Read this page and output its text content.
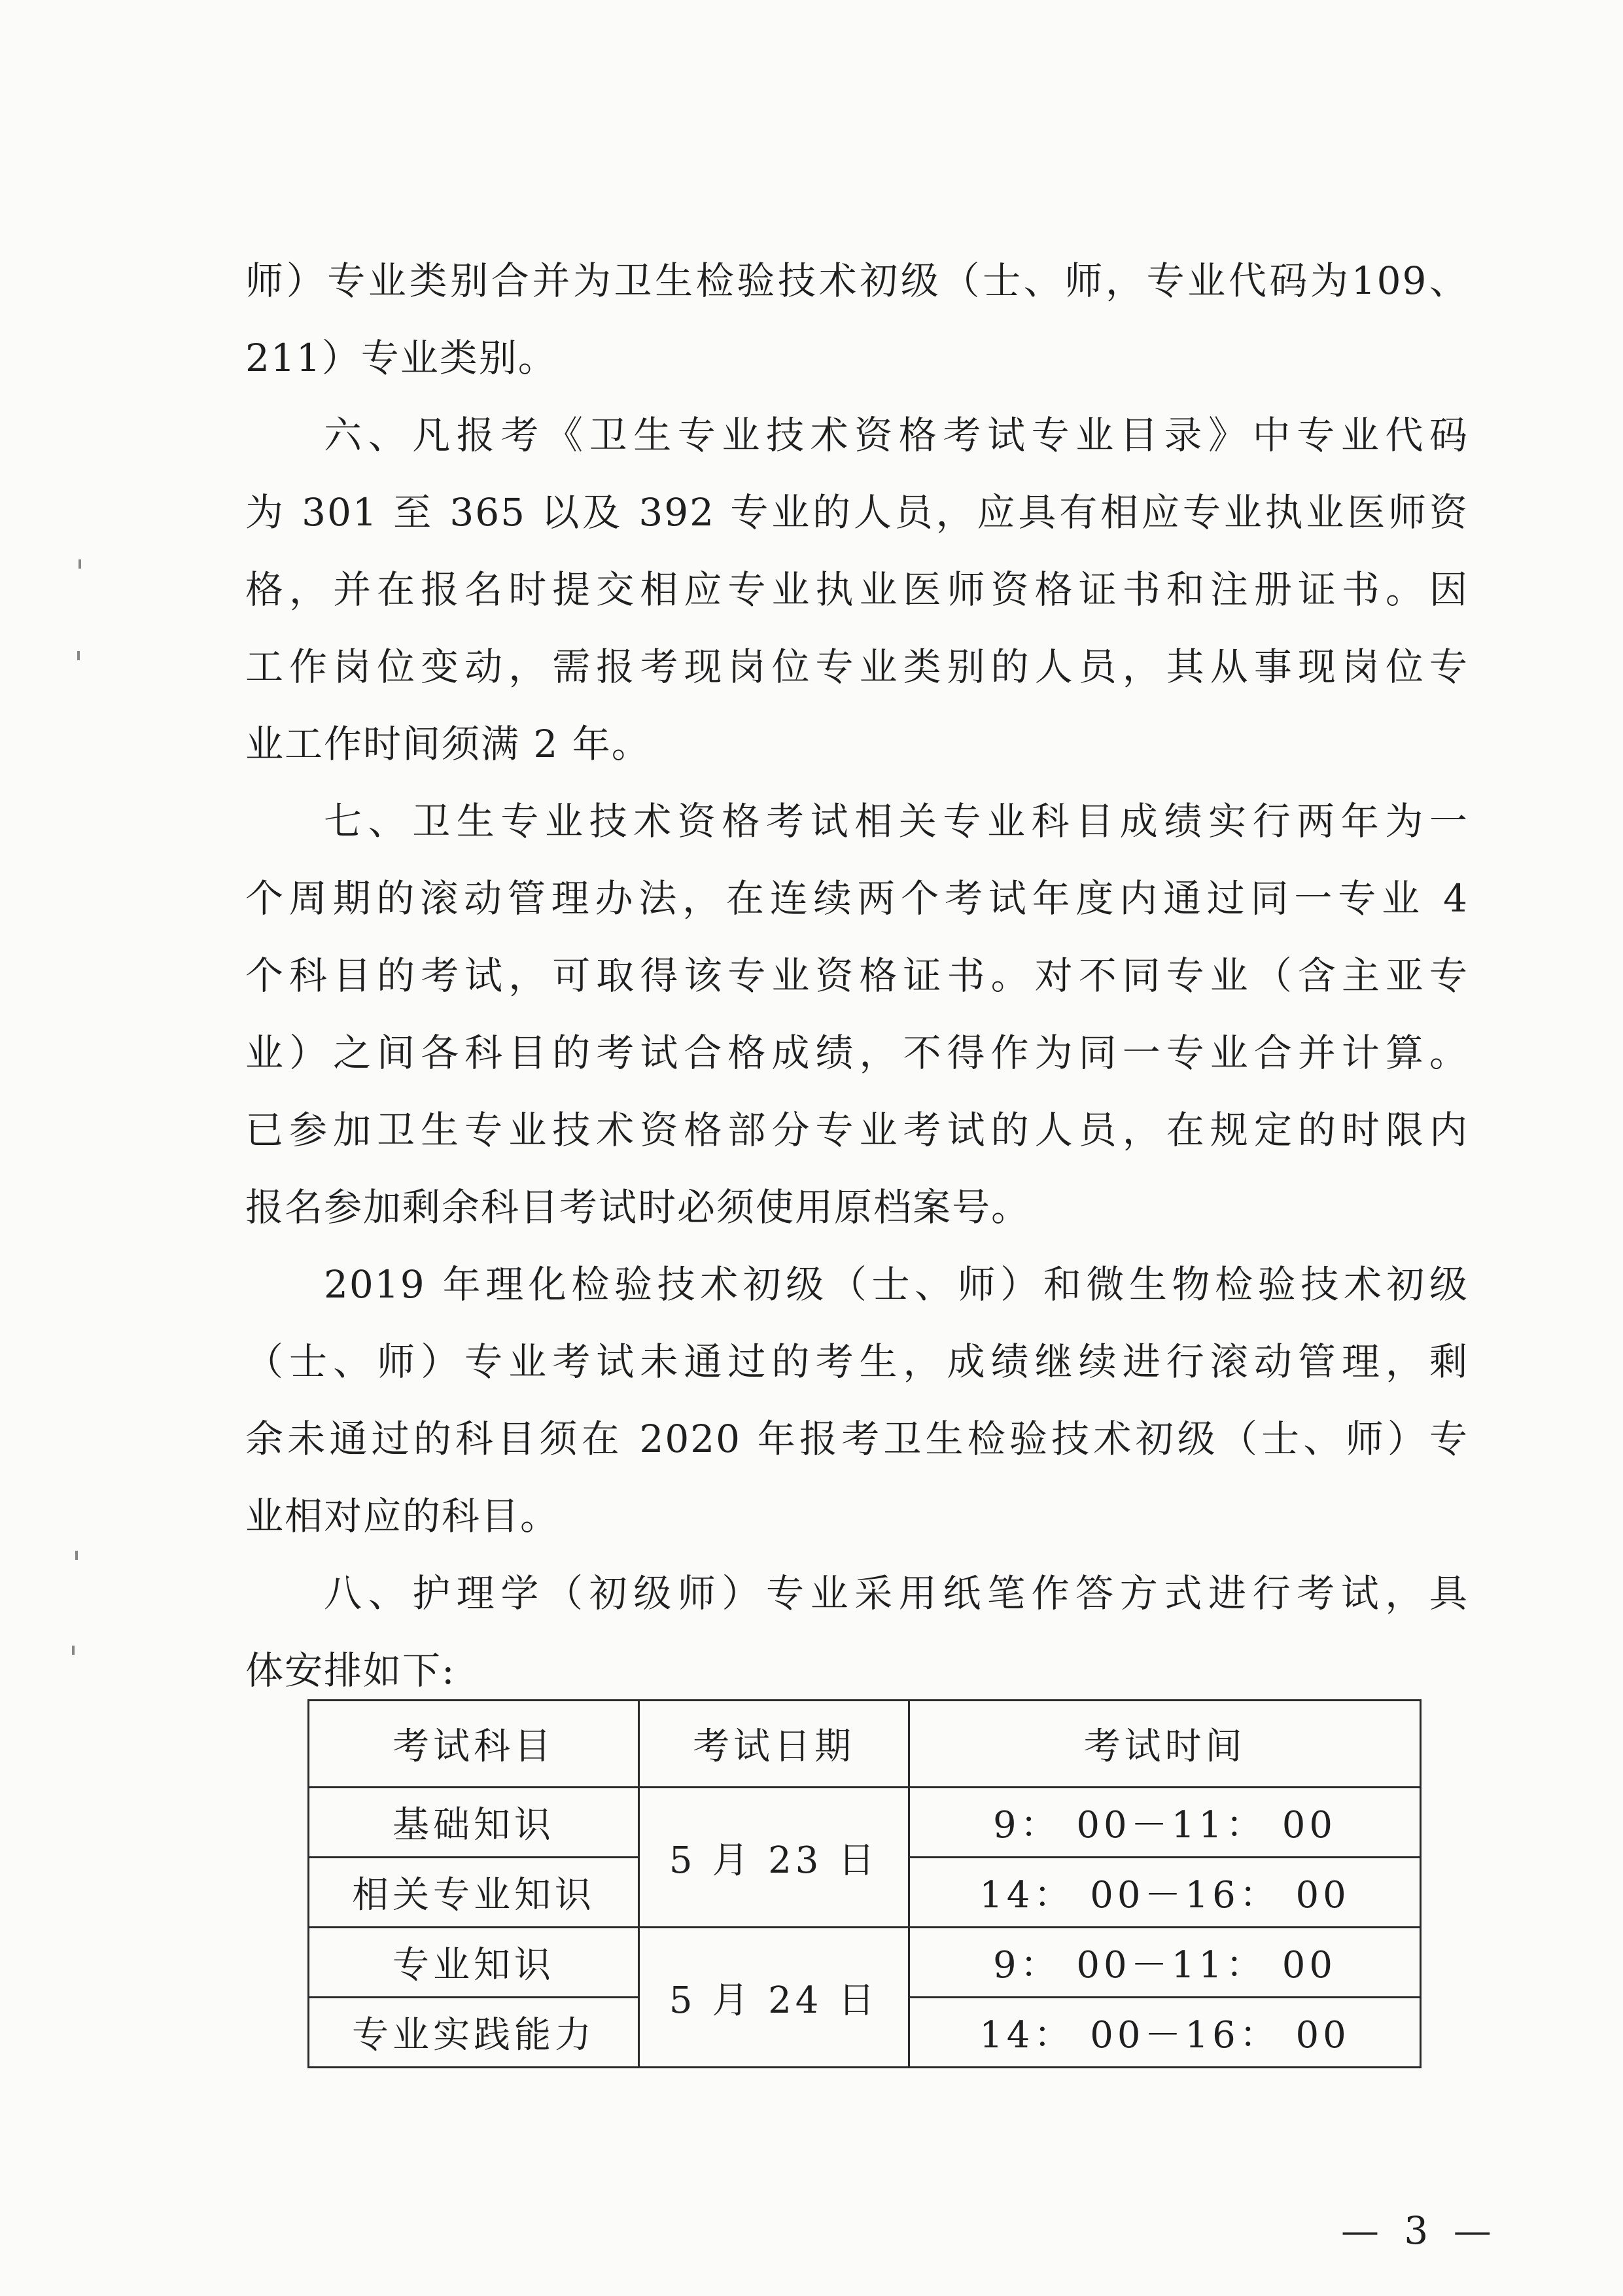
师）专业类别合并为卫生检验技术初级（士、师，专业代码为109、
211）专业类别。
六、凡报考《卫生专业技术资格考试专业目录》中专业代码
为 301 至 365 以及 392 专业的人员，应具有相应专业执业医师资
格，并在报名时提交相应专业执业医师资格证书和注册证书。因
工作岗位变动，需报考现岗位专业类别的人员，其从事现岗位专
业工作时间须满 2 年。
七、卫生专业技术资格考试相关专业科目成绩实行两年为一
个周期的滚动管理办法，在连续两个考试年度内通过同一专业 4
个科目的考试，可取得该专业资格证书。对不同专业（含主亚专
业）之间各科目的考试合格成绩，不得作为同一专业合并计算。
已参加卫生专业技术资格部分专业考试的人员，在规定的时限内
报名参加剩余科目考试时必须使用原档案号。
2019 年理化检验技术初级（士、师）和微生物检验技术初级
（士、师）专业考试未通过的考生，成绩继续进行滚动管理，剩
余未通过的科目须在 2020 年报考卫生检验技术初级（士、师）专
业相对应的科目。
八、护理学（初级师）专业采用纸笔作答方式进行考试，具
体安排如下:
考试科目	考试日期	考试时间
基础知识	5 月 23 日	9： 00－11： 00
相关专业知识		14： 00－16： 00
专业知识	5 月 24 日	9： 00－11： 00
专业实践能力		14： 00－16： 00
— 3 —
